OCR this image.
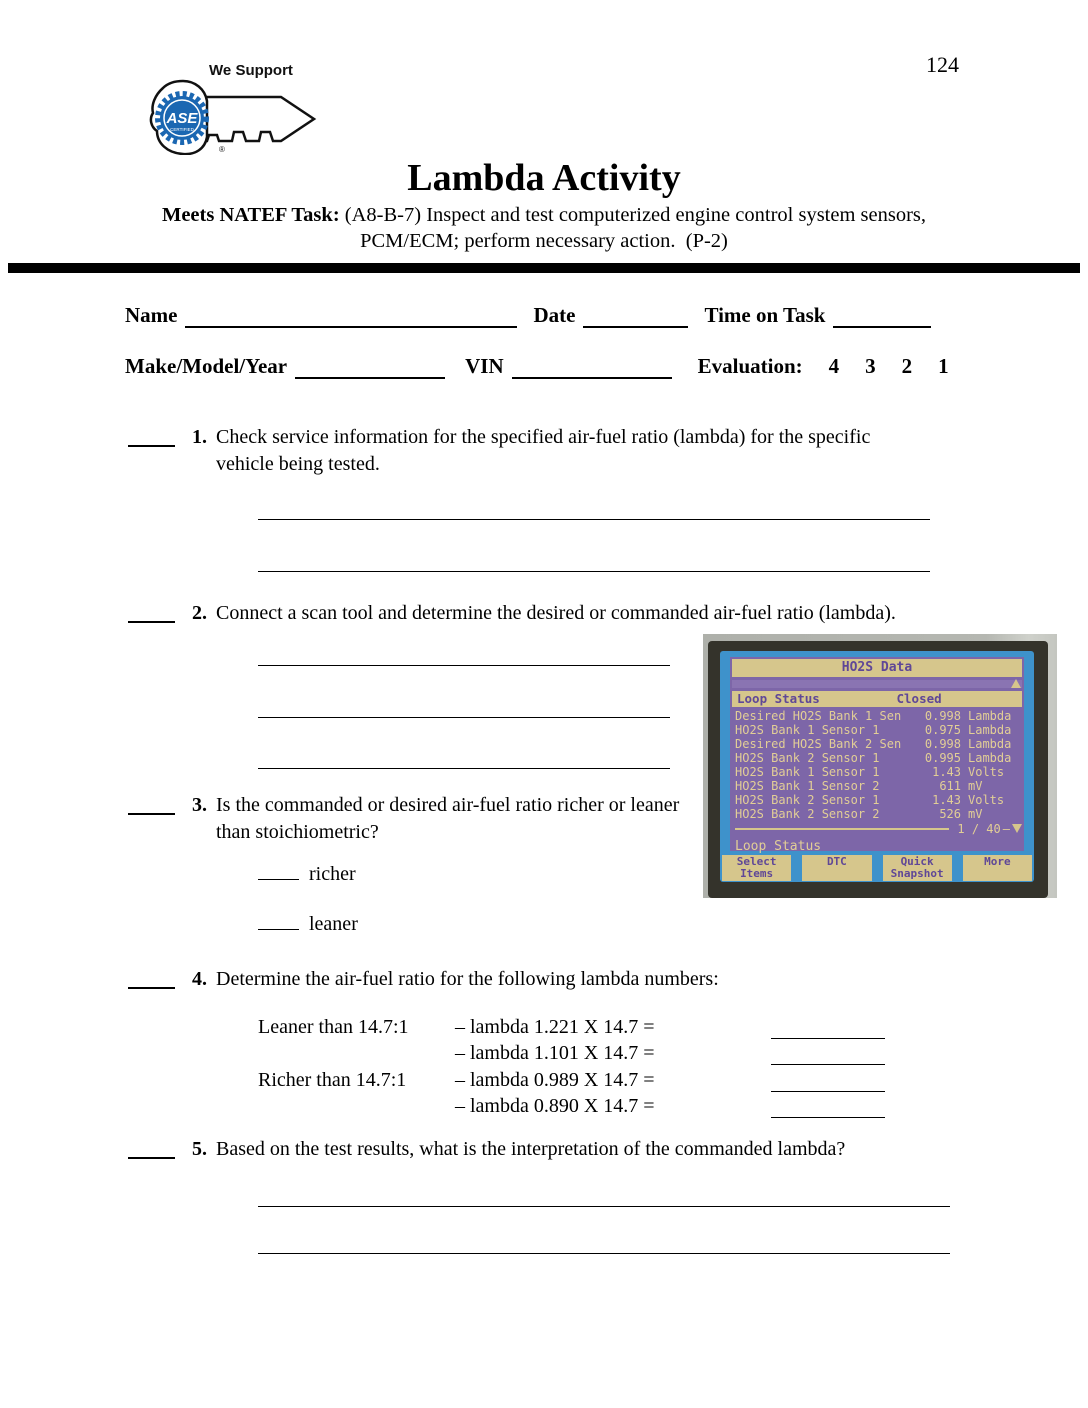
124
We Support
ASE
CERTIFIED
®
Lambda Activity
Meets NATEF Task: (A8-B-7) Inspect and test computerized engine control system sensors,
PCM/ECM; perform necessary action.  (P-2)
Name	Date	Time on Task
Make/Model/Year	VIN	Evaluation: 4 3 2 1
1. Check service information for the specified air-fuel ratio (lambda) for the specific vehicle being tested.
2. Connect a scan tool and determine the desired or commanded air-fuel ratio (lambda).
HO2S Data
Loop Status	Closed
Desired HO2S Bank 1 Sen	0.998 Lambda
HO2S Bank 1 Sensor 1	0.975 Lambda
Desired HO2S Bank 2 Sen	0.998 Lambda
HO2S Bank 2 Sensor 1	0.995 Lambda
HO2S Bank 1 Sensor 1	1.43 Volts
HO2S Bank 1 Sensor 2	611 mV
HO2S Bank 2 Sensor 1	1.43 Volts
HO2S Bank 2 Sensor 2	526 mV
1 / 40 –
Loop Status
Select
Items
DTC	Quick
Snapshot
More
3. Is the commanded or desired air-fuel ratio richer or leaner than stoichiometric?
richer
leaner
4. Determine the air-fuel ratio for the following lambda numbers:
Leaner than 14.7:1	– lambda 1.221 X 14.7 =
– lambda 1.101 X 14.7 =
Richer than 14.7:1	– lambda 0.989 X 14.7 =
– lambda 0.890 X 14.7 =
5. Based on the test results, what is the interpretation of the commanded lambda?
